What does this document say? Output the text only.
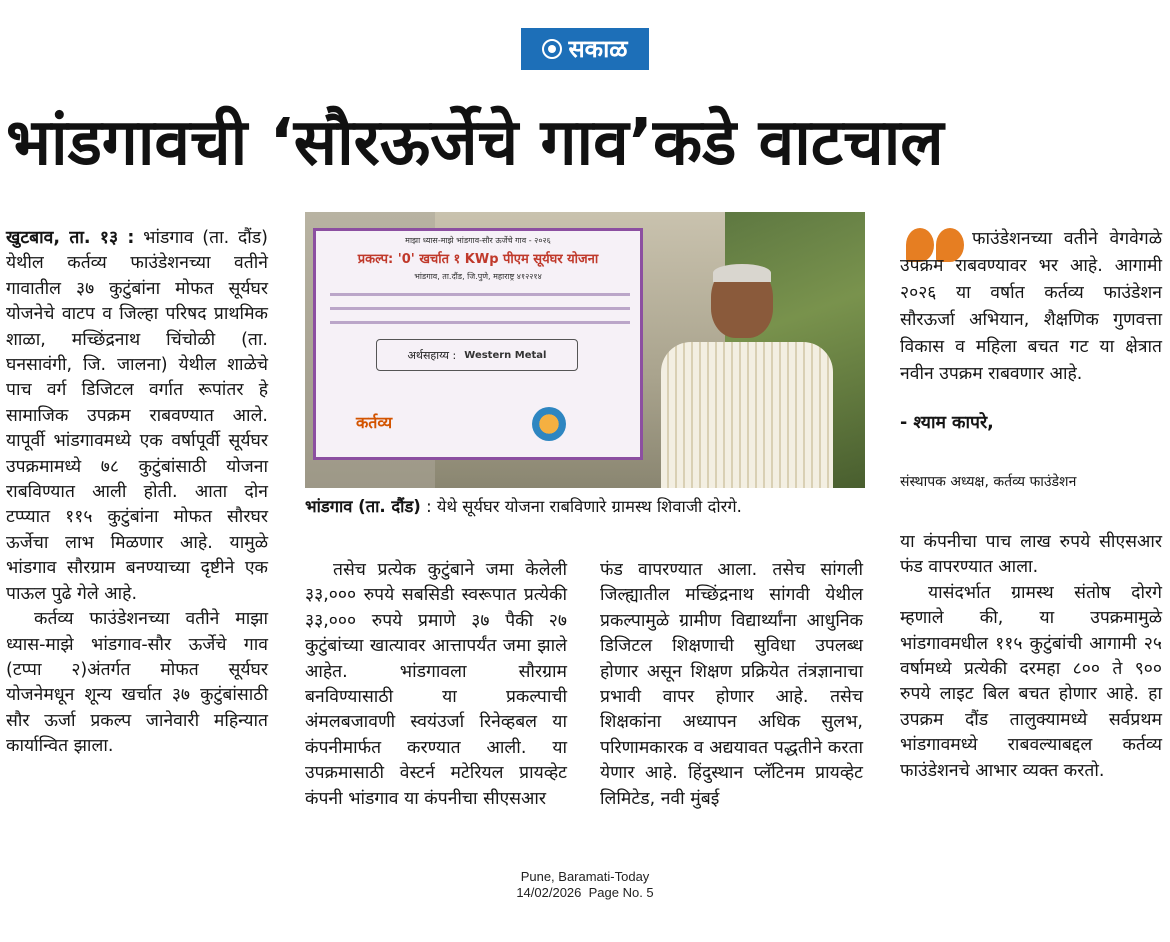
सकाळ
भांडगावची ‘सौरऊर्जेचे गाव’कडे वाटचाल

खुटबाव, ता. १३ : भांडगाव (ता. दौंड) येथील कर्तव्य फाउंडेशनच्या वतीने गावातील ३७ कुटुंबांना मोफत सूर्यघर योजनेचे वाटप व जिल्हा परिषद प्राथमिक शाळा, मच्छिंद्रनाथ चिंचोळी (ता. घनसावंगी, जि. जालना) येथील शाळेचे पाच वर्ग डिजिटल वर्गात रूपांतर हे सामाजिक उपक्रम राबवण्यात आले. यापूर्वी भांडगावमध्ये एक वर्षापूर्वी सूर्यघर उपक्रमामध्ये ७८ कुटुंबांसाठी योजना राबविण्यात आली होती. आता दोन टप्प्यात ११५ कुटुंबांना मोफत सौरघर ऊर्जेचा लाभ मिळणार आहे. यामुळे भांडगाव सौरग्राम बनण्याच्या दृष्टीने एक पाऊल पुढे गेले आहे.

कर्तव्य फाउंडेशनच्या वतीने माझा ध्यास-माझे भांडगाव-सौर ऊर्जेचे गाव (टप्पा २)अंतर्गत मोफत सूर्यघर योजनेमधून शून्य खर्चात ३७ कुटुंबांसाठी सौर ऊर्जा प्रकल्प जानेवारी महिन्यात कार्यान्वित झाला.

माझा ध्यास-माझे भांडगाव-सौर ऊर्जेचे गाव - २०२६
प्रकल्प: '0' खर्चात १ KWp पीएम सूर्यघर योजना
भांडगाव, ता.दौंड, जि.पुणे, महाराष्ट्र ४१२२१४
अर्थसहाय्य : Western Metal
कर्तव्य

भांडगाव (ता. दौंड) : येथे सूर्यघर योजना राबविणारे ग्रामस्थ शिवाजी दोरगे.

तसेच प्रत्येक कुटुंबाने जमा केलेली ३३,००० रुपये सबसिडी स्वरूपात प्रत्येकी ३३,००० रुपये प्रमाणे ३७ पैकी २७ कुटुंबांच्या खात्यावर आत्तापर्यंत जमा झाले आहेत. भांडगावला सौरग्राम बनविण्यासाठी या प्रकल्पाची अंमलबजावणी स्वयंउर्जा रिनेव्हबल या कंपनीमार्फत करण्यात आली. या उपक्रमासाठी वेस्टर्न मटेरियल प्रायव्हेट कंपनी भांडगाव या कंपनीचा सीएसआर

फंड वापरण्यात आला. तसेच सांगली जिल्ह्यातील मच्छिंद्रनाथ सांगवी येथील प्रकल्पामुळे ग्रामीण विद्यार्थ्यांना आधुनिक डिजिटल शिक्षणाची सुविधा उपलब्ध होणार असून शिक्षण प्रक्रियेत तंत्रज्ञानाचा प्रभावी वापर होणार आहे. तसेच शिक्षकांना अध्यापन अधिक सुलभ, परिणामकारक व अद्ययावत पद्धतीने करता येणार आहे. हिंदुस्थान प्लॅटिनम प्रायव्हेट लिमिटेड, नवी मुंबई

फाउंडेशनच्या वतीने वेगवेगळे उपक्रम राबवण्यावर भर आहे. आगामी २०२६ या वर्षात कर्तव्य फाउंडेशन सौरऊर्जा अभियान, शैक्षणिक गुणवत्ता विकास व महिला बचत गट या क्षेत्रात नवीन उपक्रम राबवणार आहे.

- श्याम कापरे,

संस्थापक अध्यक्ष, कर्तव्य फाउंडेशन

या कंपनीचा पाच लाख रुपये सीएसआर फंड वापरण्यात आला.

यासंदर्भात ग्रामस्थ संतोष दोरगे म्हणाले की, या उपक्रमामुळे भांडगावमधील ११५ कुटुंबांची आगामी २५ वर्षामध्ये प्रत्येकी दरमहा ८०० ते ९०० रुपये लाइट बिल बचत होणार आहे. हा उपक्रम दौंड तालुक्यामध्ये सर्वप्रथम भांडगावमध्ये राबवल्याबद्दल कर्तव्य फाउंडेशनचे आभार व्यक्त करतो.

Pune, Baramati-Today
14/02/2026  Page No. 5
